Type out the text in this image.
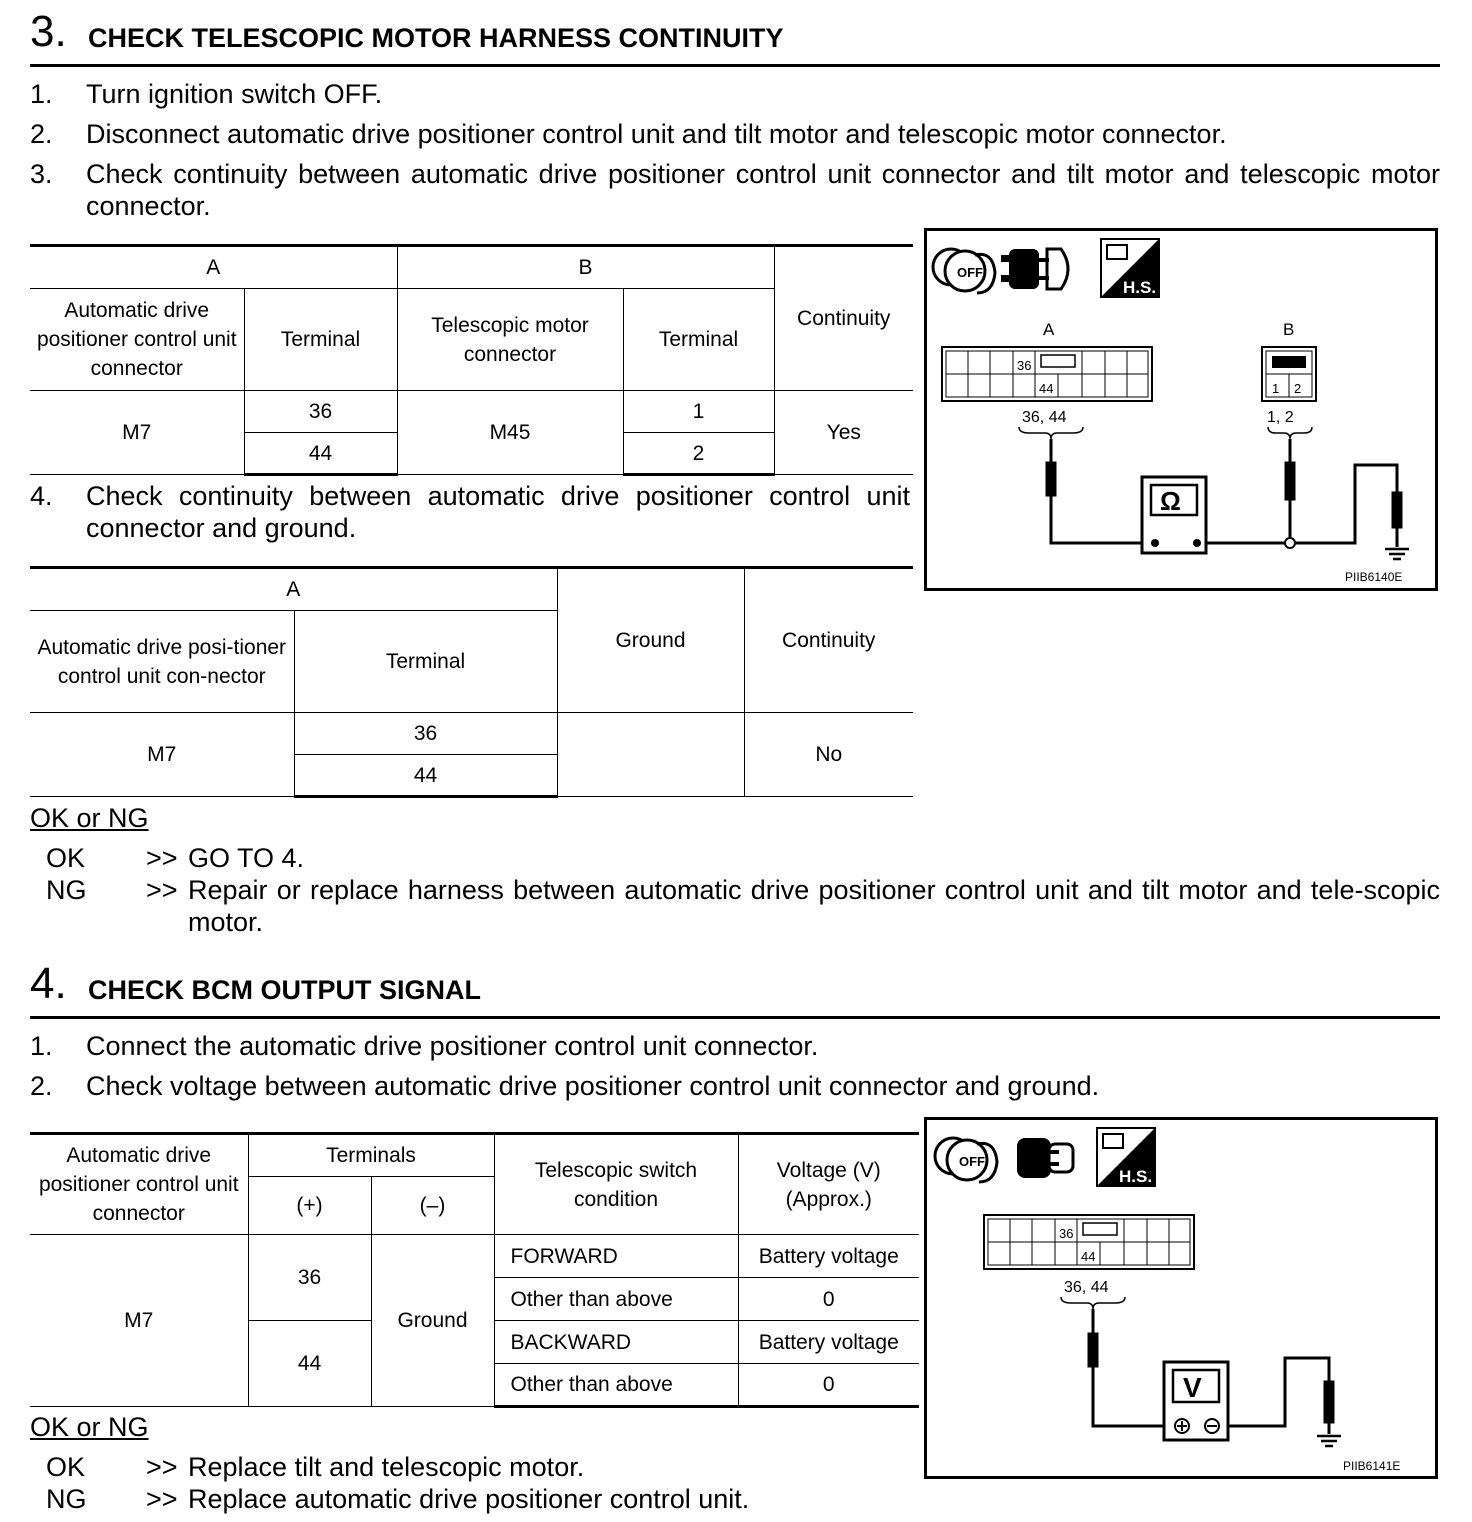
3. CHECK TELESCOPIC MOTOR HARNESS CONTINUITY
1. Turn ignition switch OFF.
2. Disconnect automatic drive positioner control unit and tilt motor and telescopic motor connector.
3. Check continuity between automatic drive positioner control unit connector and tilt motor and telescopic motor connector.
A		B		Continuity
Automatic drive positioner control unit connector	Terminal	Telescopic motor connector	Terminal	
M7	36	M45	1	Yes
	44		2	
4. Check continuity between automatic drive positioner control unit connector and ground.
A		Ground	Continuity
Automatic drive posi-tioner control unit con-nector	Terminal		
M7	36		No
	44		
OFF
H.S.
A	B
36
44	1 2
36, 44	1, 2
Ω
PIIB6140E
OK or NG
OK >> GO TO 4.
NG >> Repair or replace harness between automatic drive positioner control unit and tilt motor and tele-scopic motor.
4. CHECK BCM OUTPUT SIGNAL
1. Connect the automatic drive positioner control unit connector.
2. Check voltage between automatic drive positioner control unit connector and ground.
Automatic drive positioner control unit connector	Terminals		Telescopic switch condition	Voltage (V) (Approx.)
	(+)	(–)		
M7	36	Ground	FORWARD	Battery voltage
			Other than above	0
	44		BACKWARD	Battery voltage
			Other than above	0
OFF
H.S.
36
44
36, 44
V
PIIB6141E
OK or NG
OK >> Replace tilt and telescopic motor.
NG >> Replace automatic drive positioner control unit.
